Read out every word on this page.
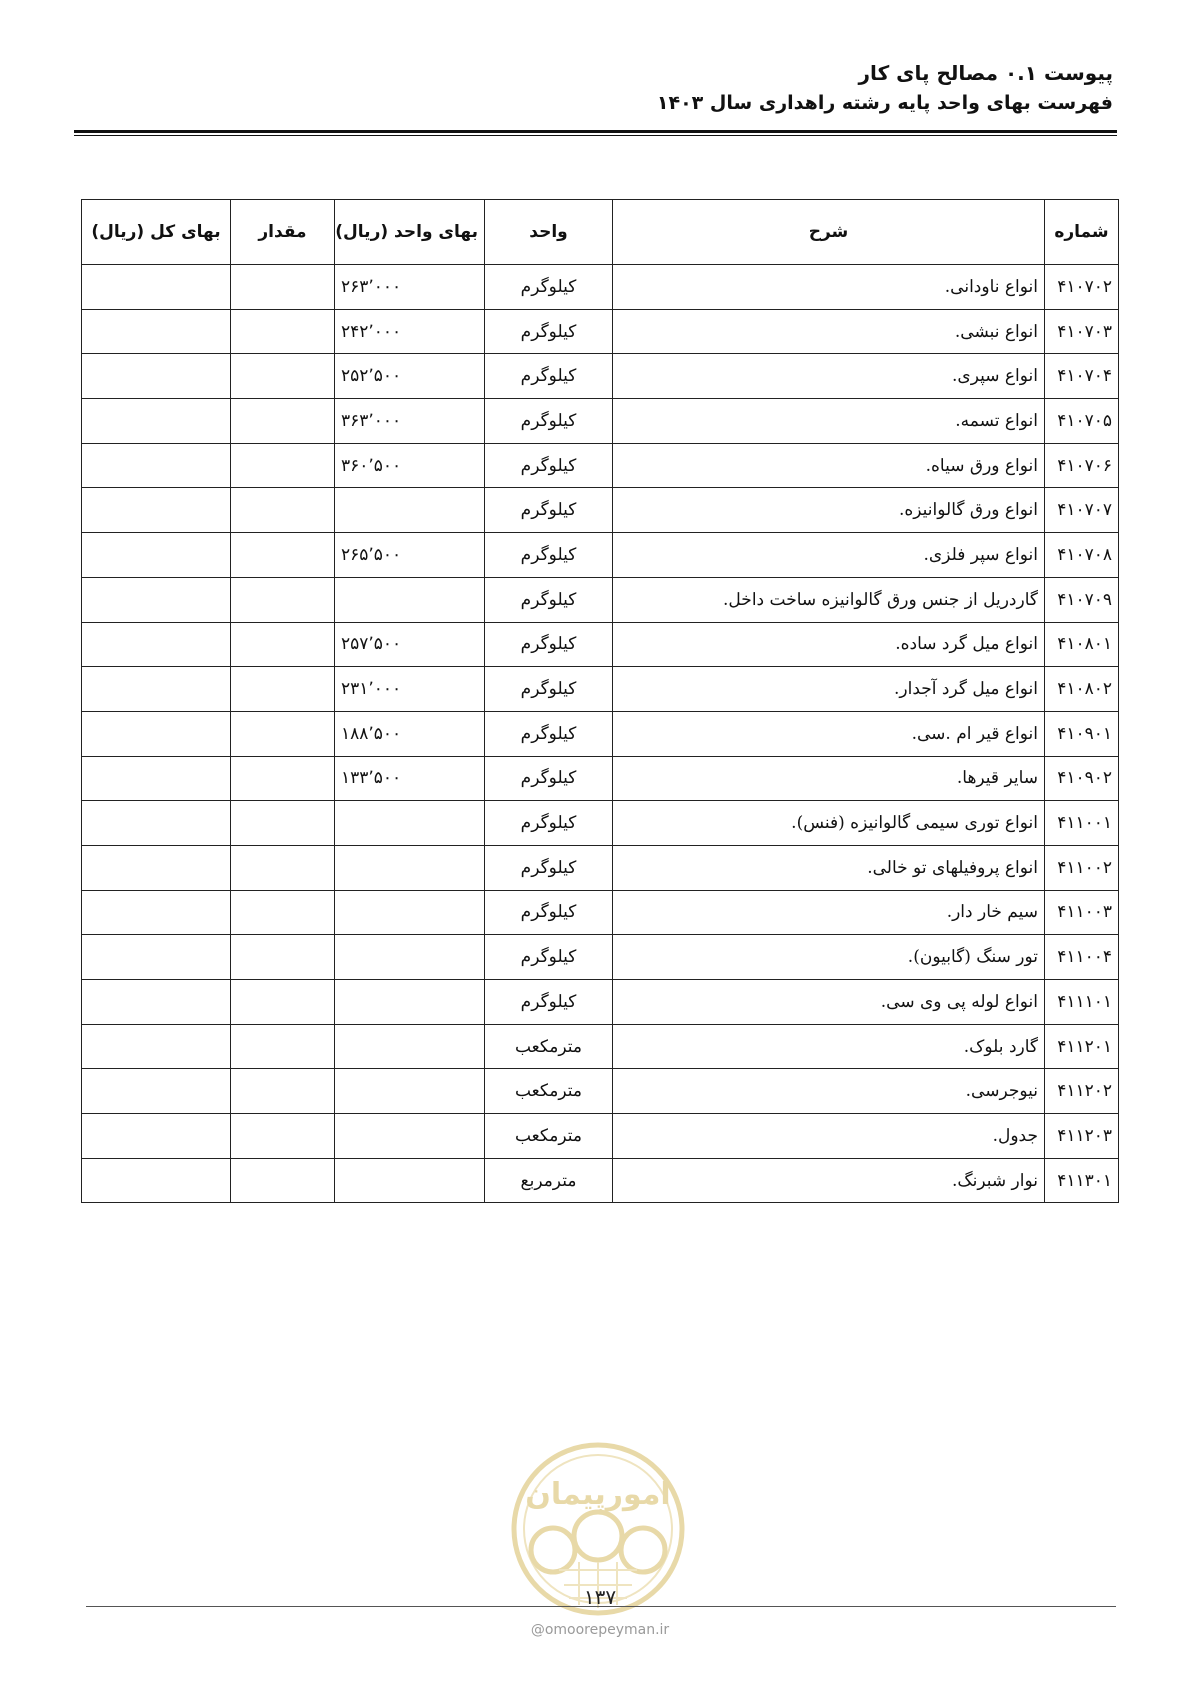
پیوست ۰.۱ مصالح پای کار
فهرست بهای واحد پایه رشته راهداری سال ۱۴۰۳
شماره	شرح	واحد	بهای واحد (ریال)	مقدار	بهای کل (ریال)
۴۱۰۷۰۲	انواع ناودانی.	کیلوگرم	۲۶۳٬۰۰۰		
۴۱۰۷۰۳	انواع نبشی.	کیلوگرم	۲۴۲٬۰۰۰		
۴۱۰۷۰۴	انواع سپری.	کیلوگرم	۲۵۲٬۵۰۰		
۴۱۰۷۰۵	انواع تسمه.	کیلوگرم	۳۶۳٬۰۰۰		
۴۱۰۷۰۶	انواع ورق سیاه.	کیلوگرم	۳۶۰٬۵۰۰		
۴۱۰۷۰۷	انواع ورق گالوانیزه.	کیلوگرم			
۴۱۰۷۰۸	انواع سپر فلزی.	کیلوگرم	۲۶۵٬۵۰۰		
۴۱۰۷۰۹	گاردریل از جنس ورق گالوانیزه ساخت داخل.	کیلوگرم			
۴۱۰۸۰۱	انواع میل گرد ساده.	کیلوگرم	۲۵۷٬۵۰۰		
۴۱۰۸۰۲	انواع میل گرد آجدار.	کیلوگرم	۲۳۱٬۰۰۰		
۴۱۰۹۰۱	انواع قیر ام .سی.	کیلوگرم	۱۸۸٬۵۰۰		
۴۱۰۹۰۲	سایر قیرها.	کیلوگرم	۱۳۳٬۵۰۰		
۴۱۱۰۰۱	انواع توری سیمی گالوانیزه (فنس).	کیلوگرم			
۴۱۱۰۰۲	انواع پروفیلهای تو خالی.	کیلوگرم			
۴۱۱۰۰۳	سیم خار دار.	کیلوگرم			
۴۱۱۰۰۴	تور سنگ (گابیون).	کیلوگرم			
۴۱۱۱۰۱	انواع لوله پی وی سی.	کیلوگرم			
۴۱۱۲۰۱	گارد بلوک.	مترمکعب			
۴۱۱۲۰۲	نیوجرسی.	مترمکعب			
۴۱۱۲۰۳	جدول.	مترمکعب			
۴۱۱۳۰۱	نوار شبرنگ.	مترمربع			
امورپیمان
۱۳۷
@omoorepeyman.ir
